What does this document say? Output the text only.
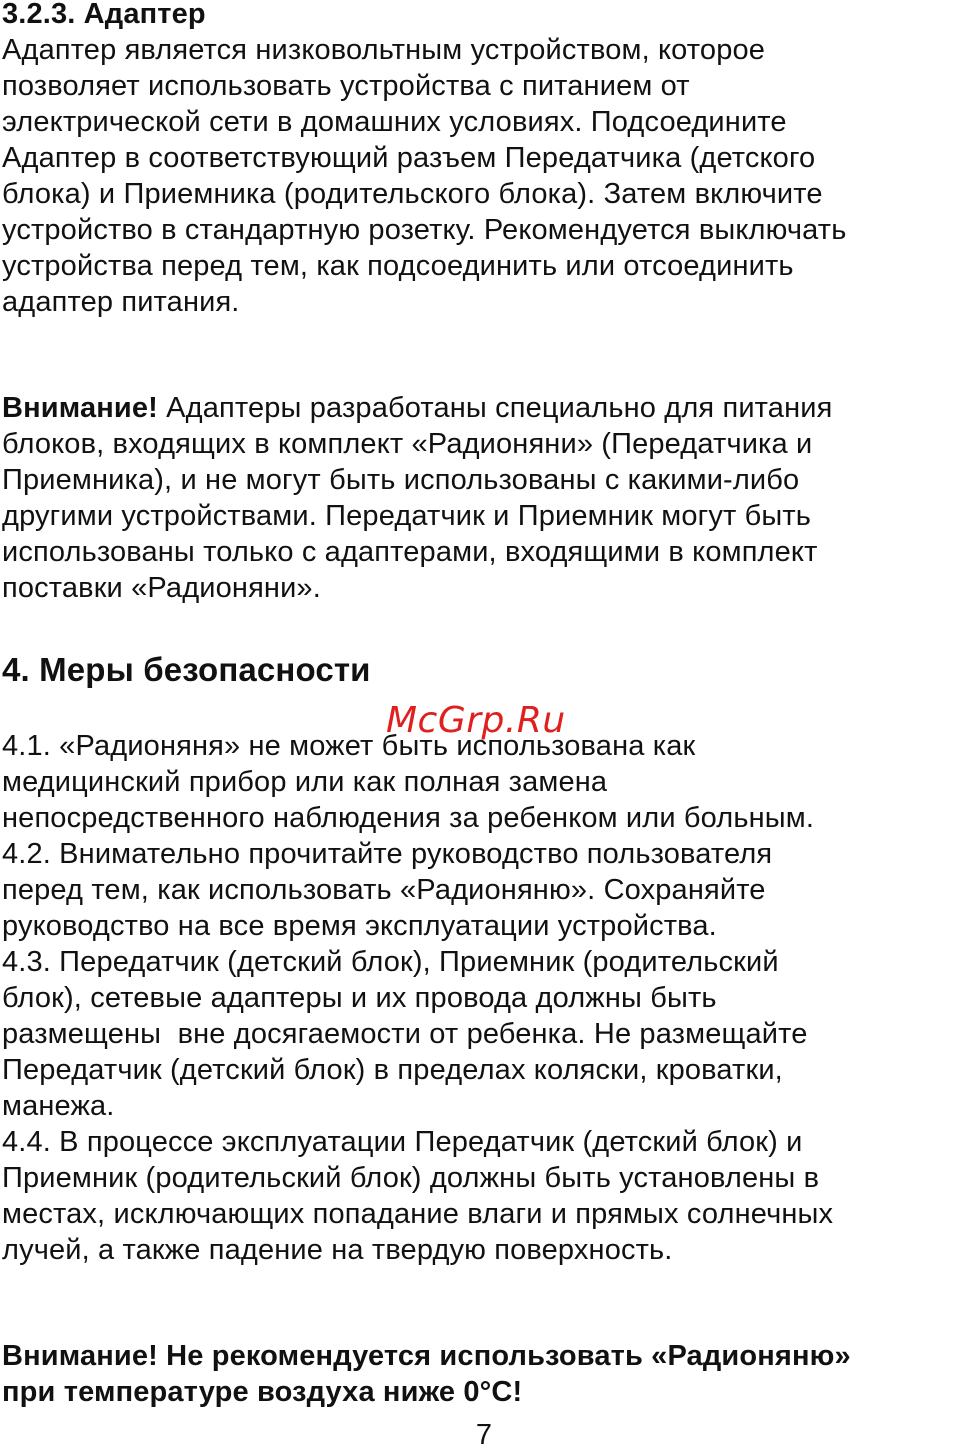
3.2.3. Адаптер
Адаптер является низковольтным устройством, которое
позволяет использовать устройства с питанием от
электрической сети в домашних условиях. Подсоедините
Адаптер в соответствующий разъем Передатчика (детского
блока) и Приемника (родительского блока). Затем включите
устройство в стандартную розетку. Рекомендуется выключать
устройства перед тем, как подсоединить или отсоединить
адаптер питания.
Внимание! Адаптеры разработаны специально для питания
блоков, входящих в комплект «Радионяни» (Передатчика и
Приемника), и не могут быть использованы с какими-либо
другими устройствами. Передатчик и Приемник могут быть
использованы только с адаптерами, входящими в комплект
поставки «Радионяни».
4. Меры безопасности
4.1. «Радионяня» не может быть использована как
медицинский прибор или как полная замена
непосредственного наблюдения за ребенком или больным.
4.2. Внимательно прочитайте руководство пользователя
перед тем, как использовать «Радионяню». Сохраняйте
руководство на все время эксплуатации устройства.
4.3. Передатчик (детский блок), Приемник (родительский
блок), сетевые адаптеры и их провода должны быть
размещены  вне досягаемости от ребенка. Не размещайте
Передатчик (детский блок) в пределах коляски, кроватки,
манежа.
4.4. В процессе эксплуатации Передатчик (детский блок) и
Приемник (родительский блок) должны быть установлены в
местах, исключающих попадание влаги и прямых солнечных
лучей, а также падение на твердую поверхность.
Внимание! Не рекомендуется использовать «Радионяню»
при температуре воздуха ниже 0°С!
McGrp.Ru
7
